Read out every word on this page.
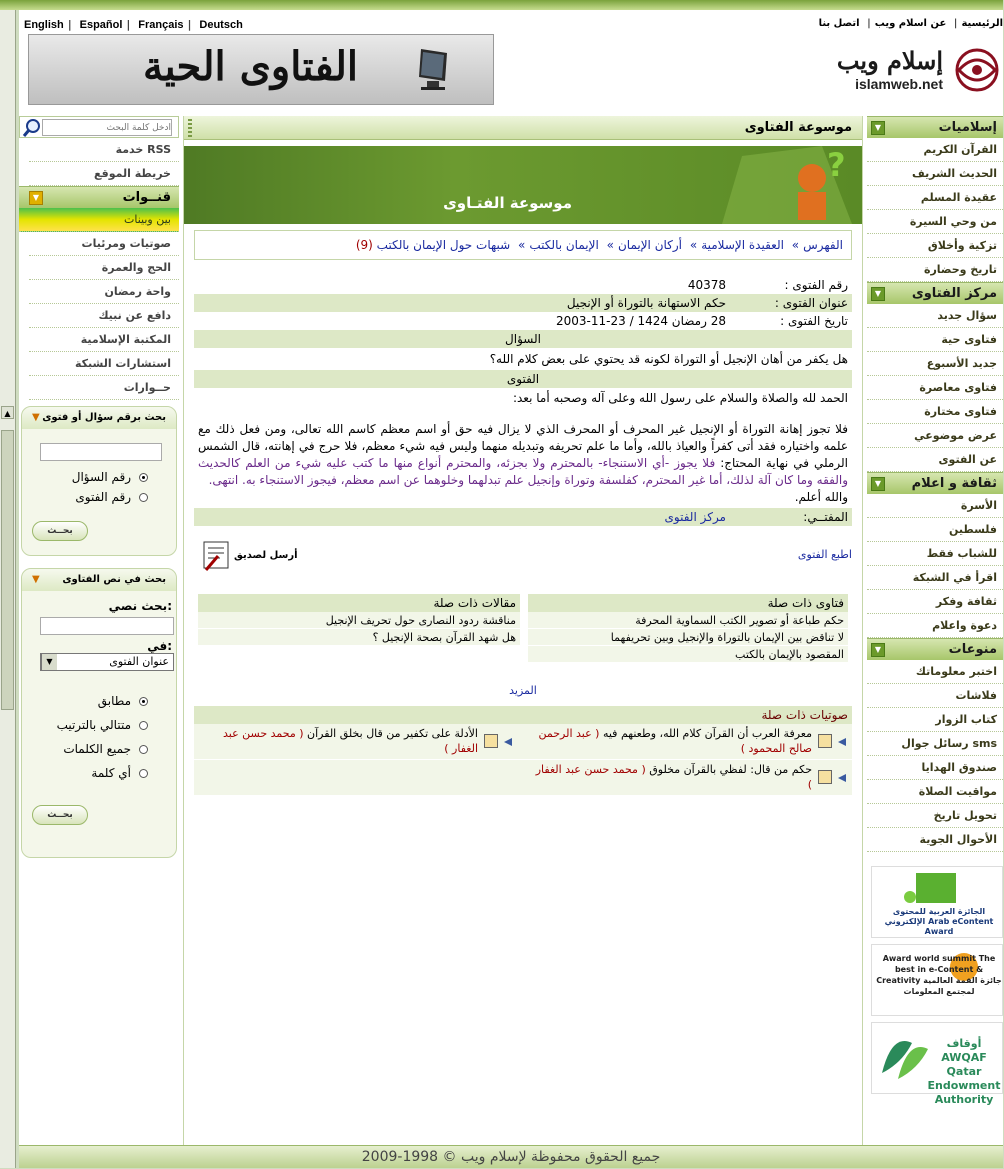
▲
English | Español | Français | Deutsch	الرئيسية| عن اسلام ويب| اتصل بنا
الفتاوى الحية	إسلام ويب
islamweb.net
أدخل كلمة البحث
خدمة RSS
خريطة الموقع
▼	قنــوات
بين وبينات
صوتيات ومرئيات
الحج والعمرة
واحة رمضان
دافع عن نبيك
المكتبة الإسلامية
استشارات الشبكة
حــوارات
▼ بحث برقم سؤال أو فتوى
رقم السؤال
رقم الفتوى
بحــث
▼ بحث في نص الفتاوى
بحث نصي:
في:
عنوان الفتوى
▼
مطابق
متتالي بالترتيب
جميع الكلمات
أي كلمة
بحــث
موسوعة الفتاوى
?
موسوعة الفتـاوى
الفهرس» العقيدة الإسلامية» أركان الإيمان» الإيمان بالكتب» شبهات حول الإيمان بالكتب (9)
رقم الفتوى :
40378
عنوان الفتوى :
حكم الاستهانة بالتوراة أو الإنجيل
تاريخ الفتوى :
28 رمضان 1424 / 23-11-2003
السؤال
هل يكفر من أهان الإنجيل أو التوراة لكونه قد يحتوي على بعض كلام الله؟
الفتوى
الحمد لله والصلاة والسلام على رسول الله وعلى آله وصحبه أما بعد:
فلا تجوز إهانة التوراة أو الإنجيل غير المحرف أو المحرف الذي لا يزال فيه حق أو اسم معظم كاسم الله تعالى، ومن فعل ذلك مع علمه واختياره فقد أتى كفراً والعياذ بالله، وأما ما علم تحريفه وتبديله منهما وليس فيه شيء معظم، فلا حرج في إهانته، قال الشمس الرملي في نهاية المحتاج: فلا يجوز -أي الاستنجاء- بالمحترم ولا بجزئه، والمحترم أنواع منها ما كتب عليه شيء من العلم كالحديث والفقه وما كان آلة لذلك، أما غير المحترم، كفلسفة وتوراة وإنجيل علم تبدلهما وخلوهما عن اسم معظم، فيجوز الاستنجاء به. انتهى.
والله أعلم.
المفتــي:
مركز الفتوى
اطبع الفتوى
أرسل لصديق
فتاوى ذات صلة
حكم طباعة أو تصوير الكتب السماوية المحرفة
لا تناقض بين الإيمان بالتوراة والإنجيل وبين تحريفهما
المقصود بالإيمان بالكتب
مقالات ذات صلة
مناقشة ردود النصارى حول تحريف الإنجيل
هل شهد القرآن بصحة الإنجيل ؟
المزيد
صوتيات ذات صلة
معرفة العرب أن القرآن كلام الله، وطعنهم فيه ( عبد الرحمن صالح المحمود )
الأدلة على تكفير من قال بخلق القرآن ( محمد حسن عبد الغفار )
حكم من قال: لفظي بالقرآن مخلوق ( محمد حسن عبد الغفار )
▼	إسلاميات
القرآن الكريم
الحديث الشريف
عقيدة المسلم
من وحي السيرة
تزكية وأخلاق
تاريخ وحضارة
▼	مركز الفتاوى
سؤال جديد
فتاوى حية
جديد الأسبوع
فتاوى معاصرة
فتاوى مختارة
عرض موضوعي
عن الفتوى
▼	ثقافة و اعلام
الأسرة
فلسطين
للشباب فقط
اقرأ في الشبكة
ثقافة وفكر
دعوة واعلام
▼	منوعات
اختبر معلوماتك
فلاشات
كتاب الزوار
رسائل جوال sms
صندوق الهدايا
مواقيت الصلاة
تحويل تاريخ
الأحوال الجوية
الجائزة العربية للمحتوى الإلكتروني Arab eContent Award
Award world summit The best in e-Content & Creativity جائزة القمة العالمية لمجتمع المعلومات
أوقاف AWQAF Qatar Endowment Authority
جميع الحقوق محفوظة لإسلام ويب © 1998-2009
